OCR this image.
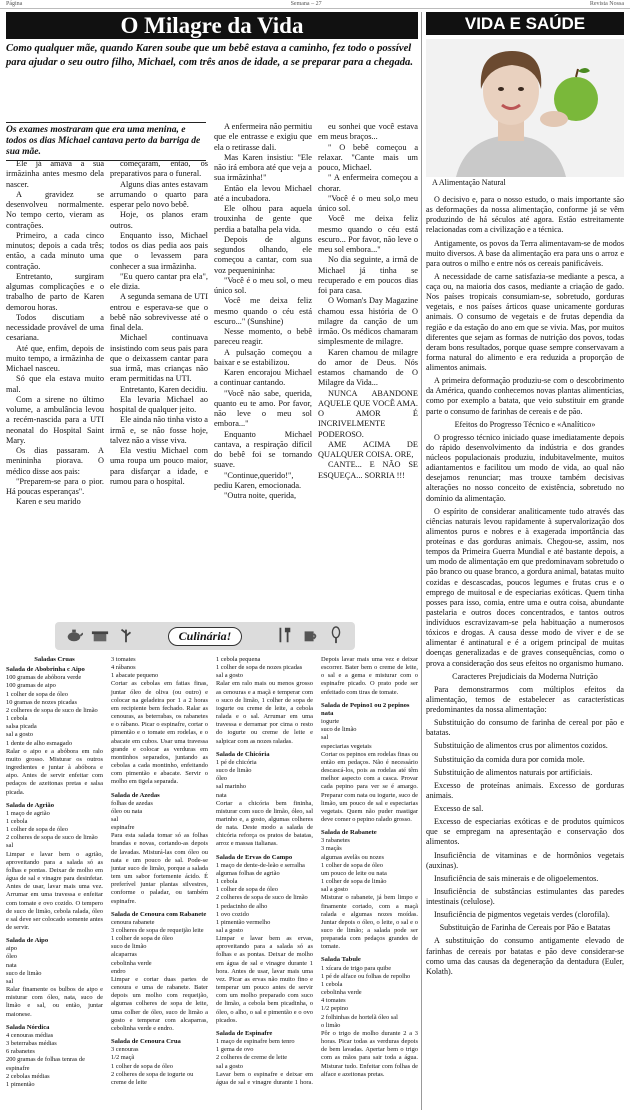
Página	Semana – 27	Revista Nossa
O Milagre da Vida

Como qualquer mãe, quando Karen soube que um bebê estava a caminho, fez todo o possível para ajudar o seu outro filho, Michael, com três anos de idade, a se preparar para a chegada.

Os exames mostraram que era uma menina, e todos os dias Michael cantava perto da barriga de sua mãe.

Ele já amava a sua irmãzinha antes mesmo dela nascer.

A gravidez se desenvolveu normalmente. No tempo certo, vieram as contrações.

Primeiro, a cada cinco minutos; depois a cada três; então, a cada minuto uma contração.

Entretanto, surgiram algumas complicações e o trabalho de parto de Karen demorou horas.

Todos discutiam a necessidade provável de uma cesariana.

Até que, enfim, depois de muito tempo, a irmãzinha de Michael nasceu.

Só que ela estava muito mal.

Com a sirene no último volume, a ambulância levou a recém-nascida para a UTI neonatal do Hospital Saint Mary.

Os dias passaram. A menininha piorava. O médico disse aos pais:

"Preparem-se para o pior. Há poucas esperanças".

Karen e seu marido

começaram, então, os preparativos para o funeral.

Alguns dias antes estavam arrumando o quarto para esperar pelo novo bebê.

Hoje, os planos eram outros.

Enquanto isso, Michael todos os dias pedia aos pais que o levassem para conhecer a sua irmãzinha.

"Eu quero cantar pra ela", ele dizia.

A segunda semana de UTI entrou e esperava-se que o bebê não sobrevivesse até o final dela.

Michael continuava insistindo com seus pais para que o deixassem cantar para sua irmã, mas crianças não eram permitidas na UTI.

Entretanto, Karen decidiu.

Ela levaria Michael ao hospital de qualquer jeito.

Ele ainda não tinha visto a irmã e, se não fosse hoje, talvez não a visse viva.

Ela vestiu Michael com uma roupa um pouco maior, para disfarçar a idade, e rumou para o hospital.

A enfermeira não permitiu que ele entrasse e exigiu que ela o retirasse dali.

Mas Karen insistiu: "Ele não irá embora até que veja a sua irmãzinha!"

Então ela levou Michael até a incubadora.

Ele olhou para aquela trouxinha de gente que perdia a batalha pela vida.

Depois de alguns segundos olhando, ele começou a cantar, com sua voz pequenininha:

"Você é o meu sol, o meu único sol.

Você me deixa feliz mesmo quando o céu está escuro..." (Sunshine)

Nesse momento, o bebê pareceu reagir.

A pulsação começou a baixar e se estabilizou.

Karen encorajou Michael a continuar cantando.

"Você não sabe, querida, quanto eu te amo. Por favor, não leve o meu sol embora..."

Enquanto Michael cantava, a respiração difícil do bebê foi se tornando suave.

"Continue,querido!", pediu Karen, emocionada.

"Outra noite, querida,

eu sonhei que você estava em meus braços...

" O bebê começou a relaxar. "Cante mais um pouco, Michael.

" A enfermeira começou a chorar.

"Você é o meu sol,o meu único sol.

Você me deixa feliz mesmo quando o céu está escuro... Por favor, não leve o meu sol embora..."

No dia seguinte, a irmã de Michael já tinha se recuperado e em poucos dias foi para casa.

O Woman's Day Magazine chamou essa história de O milagre da canção de um irmão. Os médicos chamaram simplesmente de milagre.

Karen chamou de milagre do amor de Deus. Nós estamos chamando de O Milagre da Vida...

NUNCA ABANDONE AQUELE QUE VOCÊ AMA. O AMOR É INCRIVELMENTE PODEROSO.

AME ACIMA DE QUALQUER COISA. ORE,

CANTE... E NÃO SE ESQUEÇA... SORRIA !!!

Culinária!

Saladas Cruas

Salada de Abobrinha c Aipo

100 gramas de abóbora verde

100 gramas de aipo

1 colher de sopa de óleo

10 gramas de nozes picadas

2 colheres de sopa de suco de limão

1 cebola

salsa picada

sal a gosto

1 dente de alho esmagado

Ralar o aipo e a abóbora em ralo muito grosso. Misturar os outros ingredientes e juntar à abóbora e aipo. Antes de servir enfeitar com pedaços de azeitonas pretas e salsa picada.

Salada de Agrião

1 maço de agrião

1 cebola

1 colher de sopa de óleo

2 colheres de sopa de suco de limão

sal

Limpar e lavar bem o agrião, aproveitando para a salada só as folhas e pontas. Deixar de molho em água de sal e vinagre para desinfetar. Antes de usar, lavar mais uma vez. Arrumar em uma travessa e enfeitar com tomate e ovo cozido. O tempero de suco de limão, cebola ralada, óleo e sal deve ser colocado somente antes de servir.

Salada de Aipo

aipo

óleo

nata

suco de limão

sal

Ralar finamente os bulbos de aipo e misturar com óleo, nata, suco de limão e sal, ou então, juntar maionese.

Salada Nórdica

4 cenouras médias

3 beterrabas médias

6 rabanetes

200 gramas de folhas tenras de espinafre

2 cebolas médias

1 pimentão

3 tomates

4 rábanos

1 abacate pequeno

Cortar as cebolas em fatias finas, juntar óleo de oliva (ou outro) e colocar na geladeira por 1 a 2 horas em recipiente bem fechado. Ralar as cenouras, as beterrabas, os rabanetes e o rábano. Picar o espinafre, cortar o pimentão e o tomate em rodelas, e o abacate em cubos. Usar uma travessa grande e colocar as verduras em montinhos separados, juntando as cebolas a cada montinho, enfeitando com pimentão e abacate. Servir o molho em tigela separada.

Salada de Azedas

folhas de azedas

óleo ou nata

sal

espinafre

Para esta salada tomar só as folhas brandas e novas, cortando-as depois de lavadas. Misturá-las com óleo ou nata e um pouco de sal. Pode-se juntar suco de limão, porque a salada tem um sabor fortemente ácido. É preferível juntar plantas silvestres, conforme o paladar, ou também espinafre.

Salada de Cenoura com Rabanete

cenoura rabanete

3 colheres de sopa de requeijão leite

1 colher de sopa de óleo

suco de limão

alcaparras

cebolinha verde

endro

Limpar e cortar duas partes de cenoura e uma de rabanete. Bater depois um molho com requeijão, algumas colheres de sopa de leite, uma colher de óleo, suco de limão a gosto e temperar com alcaparras, cebolinha verde e endro.

Salada de Cenoura Crua

3 cenouras

1/2 maçã

1 colher de sopa de óleo

2 colheres de sopa de iogurte ou creme de leite

1 cebola pequena

1 colher de sopa de nozes picadas

sal a gosto

Ralar em ralo mais ou menos grosso as cenouras e a maçã e temperar com o suco de limão, 1 colher de sopa de iogurte ou creme de leite, a cebola ralada e o sal. Arrumar em uma travessa e derramar por cima o resto do iogurte ou creme de leite e salpicar com as nozes raladas.

Salada de Chicória

1 pé de chicória

suco de limão

óleo

sal marinho

nata

Cortar a chicória bem fininha, misturar com suco de limão, óleo, sal marinho e, a gosto, algumas colheres de nata. Deste modo a salada de chicória reforça os pratos de batatas, arroz e massas italianas.

Salada de Ervas do Campo

1 maço de dente-de-leão e serralha

algumas folhas de agrião

1 cebola

1 colher de sopa de óleo

2 colheres de sopa de suco de limão

1 pedacinho de alho

1 ovo cozido

1 pimentão vermelho

sal a gosto

Limpar e lavar bem as ervas, aproveitando para a salada só as folhas e as pontas. Deixar de molho em água de sal e vinagre durante 1 hora. Antes de usar, lavar mais uma vez. Picar as ervas não muito fino e temperar um pouco antes de servir com um molho preparado com suco de limão, a cebola bem picadinha, o óleo, o alho, o sal e pimentão e o ovo picados.

Salada de Espinafre

1 maço de espinafre bem tenro

1 gema de ovo

2 colheres de creme de leite

sal a gosto

Lavar bem o espinafre e deixar em água de sal e vinagre durante 1 hora. Depois lavar mais uma vez e deixar escorrer. Bater bem o creme de leite, o sal e a gema e misturar com o espinafre picado. O prato pode ser enfeitado com tiras de tomate.

Salada de Pepino1 ou 2 pepinos nata

iogurte

suco de limão

sal

especiarias vegetais

Cortar os pepinos em rodelas finas ou então em pedaços. Não é necessário descascá-los, pois as rodelas até têm melhor aspecto com a casca. Provar cada pepino para ver se é amargo. Preparar com nata ou iogurte, suco de limão, um pouco de sal e especiarias vegetais. Quem não puder mastigar deve comer o pepino ralado grosso.

Salada de Rabanete

3 rabanetes

3 maçãs

algumas avelãs ou nozes

1 colher de sopa de óleo

um pouco de leite ou nata

1 colher de sopa de limão

sal a gosto

Misturar o rabanete, já bem limpo e finamente cortado, com a maçã ralada e algumas nozes moídas. Juntar depois o óleo, o leite, o sal e o suco de limão; a salada pode ser preparada com pedaços grandes de tomate.

Salada Tabule

1 xícara de trigo para quibe

1 pé de alface ou folhas de repolho

1 cebola

cebolinha verde

4 tomates

1/2 pepino

2 folhinhas de hortelã óleo sal

o limão

Pôr o trigo de molho durante 2 a 3 horas. Picar todas as verduras depois de bem lavadas. Apertar bem o trigo com as mãos para sair toda a água. Misturar tudo. Enfeitar com folhas de alface e azeitonas pretas.

VIDA E SAÚDE

A Alimentação Natural

O decisivo e, para o nosso estudo, o mais importante são as deformações da nossa alimentação, conforme já se vêm produzindo de há séculos até agora. Estão estreitamente relacionadas com a civilização e a técnica.

Antigamente, os povos da Terra alimentavam-se de modos muito diversos. A base da alimentação era para uns o arroz e para outros o milho e entre nós os cereais panificáveis.

A necessidade de carne satisfazia-se mediante a pesca, a caça ou, na maioria dos casos, mediante a criação de gado. Nos países tropicais consumiam-se, sobretudo, gorduras vegetais, e nos países árticos quase unicamente gorduras animais. O consumo de vegetais e de frutas dependia da região e da estação do ano em que se vivia. Mas, por muitos diferentes que sejam as formas de nutrição dos povos, todas deram bons resultados, porque quase sempre conservavam a forma natural do alimento e era reduzida a proporção de alimentos animais.

A primeira deformação produziu-se com o descobrimento da América, quando conhecemos novas plantas alimentícias, como por exemplo a batata, que veio substituir em grande parte o consumo de farinhas de cereais e de pão.

Efeitos do Progresso Técnico e «Analítico»

O progresso técnico iniciado quase imediatamente depois do rápido desenvolvimento da indústria e dos grandes núcleos populacionais produziu, indubitavelmente, muitos adiantamentos e facilitou um modo de vida, ao qual não desejamos renunciar; mas trouxe também decisivas alterações no nosso conceito de existência, sobretudo no domínio da alimentação.

O espírito de considerar analiticamente tudo através das ciências naturais levou rapidamente à supervalorização dos alimentos puros e nobres e à exagerada importância das proteínas e das gorduras animais. Chegou-se, assim, nos tempos da Primeira Guerra Mundial e até bastante depois, a um modo de alimentação em que predominavam sobretudo o pão branco ou quase branco, a gordura animal, batatas muito cozidas e descascadas, poucos legumes e frutas crus e o emprego de muitosal e de especiarias exóticas. Quem tinha posses para isso, comia, entre uma e outra coisa, abundante pastelaria e outros doces concentrados, e tantos outros indivíduos escravizavam-se pela habituação a numerosos tóxicos e drogas. A causa desse modo de viver e de se alimentar é antinatural e é a origem principal de muitas doenças generalizadas e de graves consequências, como o prova a consideração dos seus efeitos no organismo humano.

Caracteres Prejudiciais da Moderna Nutrição

Para demonstrarmos com múltiplos efeitos da alimentação, temos de estabelecer as características predominantes da nossa alimentação:

Substituição do consumo de farinha de cereal por pão e batatas.

Substituição de alimentos crus por alimentos cozidos.

Substituição da comida dura por comida mole.

Substituição de alimentos naturais por artificiais.

Excesso de proteínas animais. Excesso de gorduras animais.

Excesso de sal.

Excesso de especiarias exóticas e de produtos químicos que se empregam na apresentação e conservação dos alimentos.

Insuficiência de vitaminas e de hormônios vegetais (auxinas).

Insuficiência de sais minerais e de oligoelementos.

Insuficiência de substâncias estimulantes das paredes intestinais (celulose).

Insuficiência de pigmentos vegetais verdes (clorofila).

Substituição de Farinha de Cereais por Pão e Batatas

A substituição do consumo antigamente elevado de farinhas de cereais por batatas e pão deve considerar-se como uma das causas da degeneração da dentadura (Euler, Kolath).
